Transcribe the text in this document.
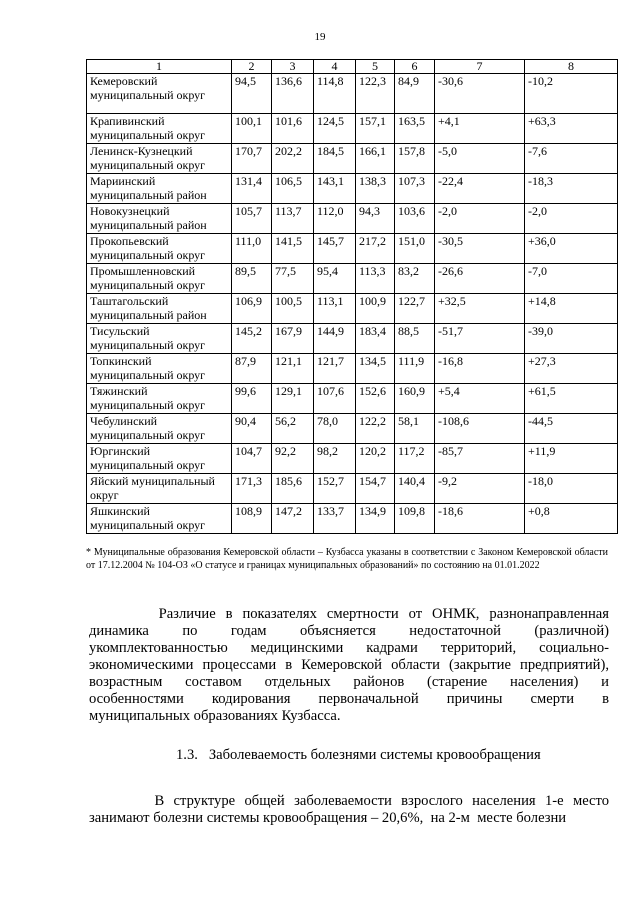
19
1	2	3	4	5	6	7	8
Кемеровский муниципальный округ	94,5	136,6	114,8	122,3	84,9	-30,6	-10,2
Крапивинский муниципальный округ	100,1	101,6	124,5	157,1	163,5	+4,1	+63,3
Ленинск-Кузнецкий муниципальный округ	170,7	202,2	184,5	166,1	157,8	-5,0	-7,6
Мариинский муниципальный район	131,4	106,5	143,1	138,3	107,3	-22,4	-18,3
Новокузнецкий муниципальный район	105,7	113,7	112,0	94,3	103,6	-2,0	-2,0
Прокопьевский муниципальный округ	111,0	141,5	145,7	217,2	151,0	-30,5	+36,0
Промышленновский муниципальный округ	89,5	77,5	95,4	113,3	83,2	-26,6	-7,0
Таштагольский муниципальный район	106,9	100,5	113,1	100,9	122,7	+32,5	+14,8
Тисульский муниципальный округ	145,2	167,9	144,9	183,4	88,5	-51,7	-39,0
Топкинский муниципальный округ	87,9	121,1	121,7	134,5	111,9	-16,8	+27,3
Тяжинский муниципальный округ	99,6	129,1	107,6	152,6	160,9	+5,4	+61,5
Чебулинский муниципальный округ	90,4	56,2	78,0	122,2	58,1	-108,6	-44,5
Юргинский муниципальный округ	104,7	92,2	98,2	120,2	117,2	-85,7	+11,9
Яйский муниципальный округ	171,3	185,6	152,7	154,7	140,4	-9,2	-18,0
Яшкинский муниципальный округ	108,9	147,2	133,7	134,9	109,8	-18,6	+0,8
* Муниципальные образования Кемеровской области – Кузбасса указаны в соответствии с Законом Кемеровской области от 17.12.2004 № 104-ОЗ «О статусе и границах муниципальных образований» по состоянию на 01.01.2022
Различие в показателях смертности от ОНМК, разнонаправленная
динамика по годам объясняется недостаточной (различной)
укомплектованностью медицинскими кадрами территорий, социально-
экономическими процессами в Кемеровской области (закрытие предприятий),
возрастным составом отдельных районов (старение населения) и
особенностями кодирования первоначальной причины смерти в
муниципальных образованиях Кузбасса.
1.3.   Заболеваемость болезнями системы кровообращения
В структуре общей заболеваемости взрослого населения 1-е место
занимают болезни системы кровообращения – 20,6%,  на 2-м  месте болезни
